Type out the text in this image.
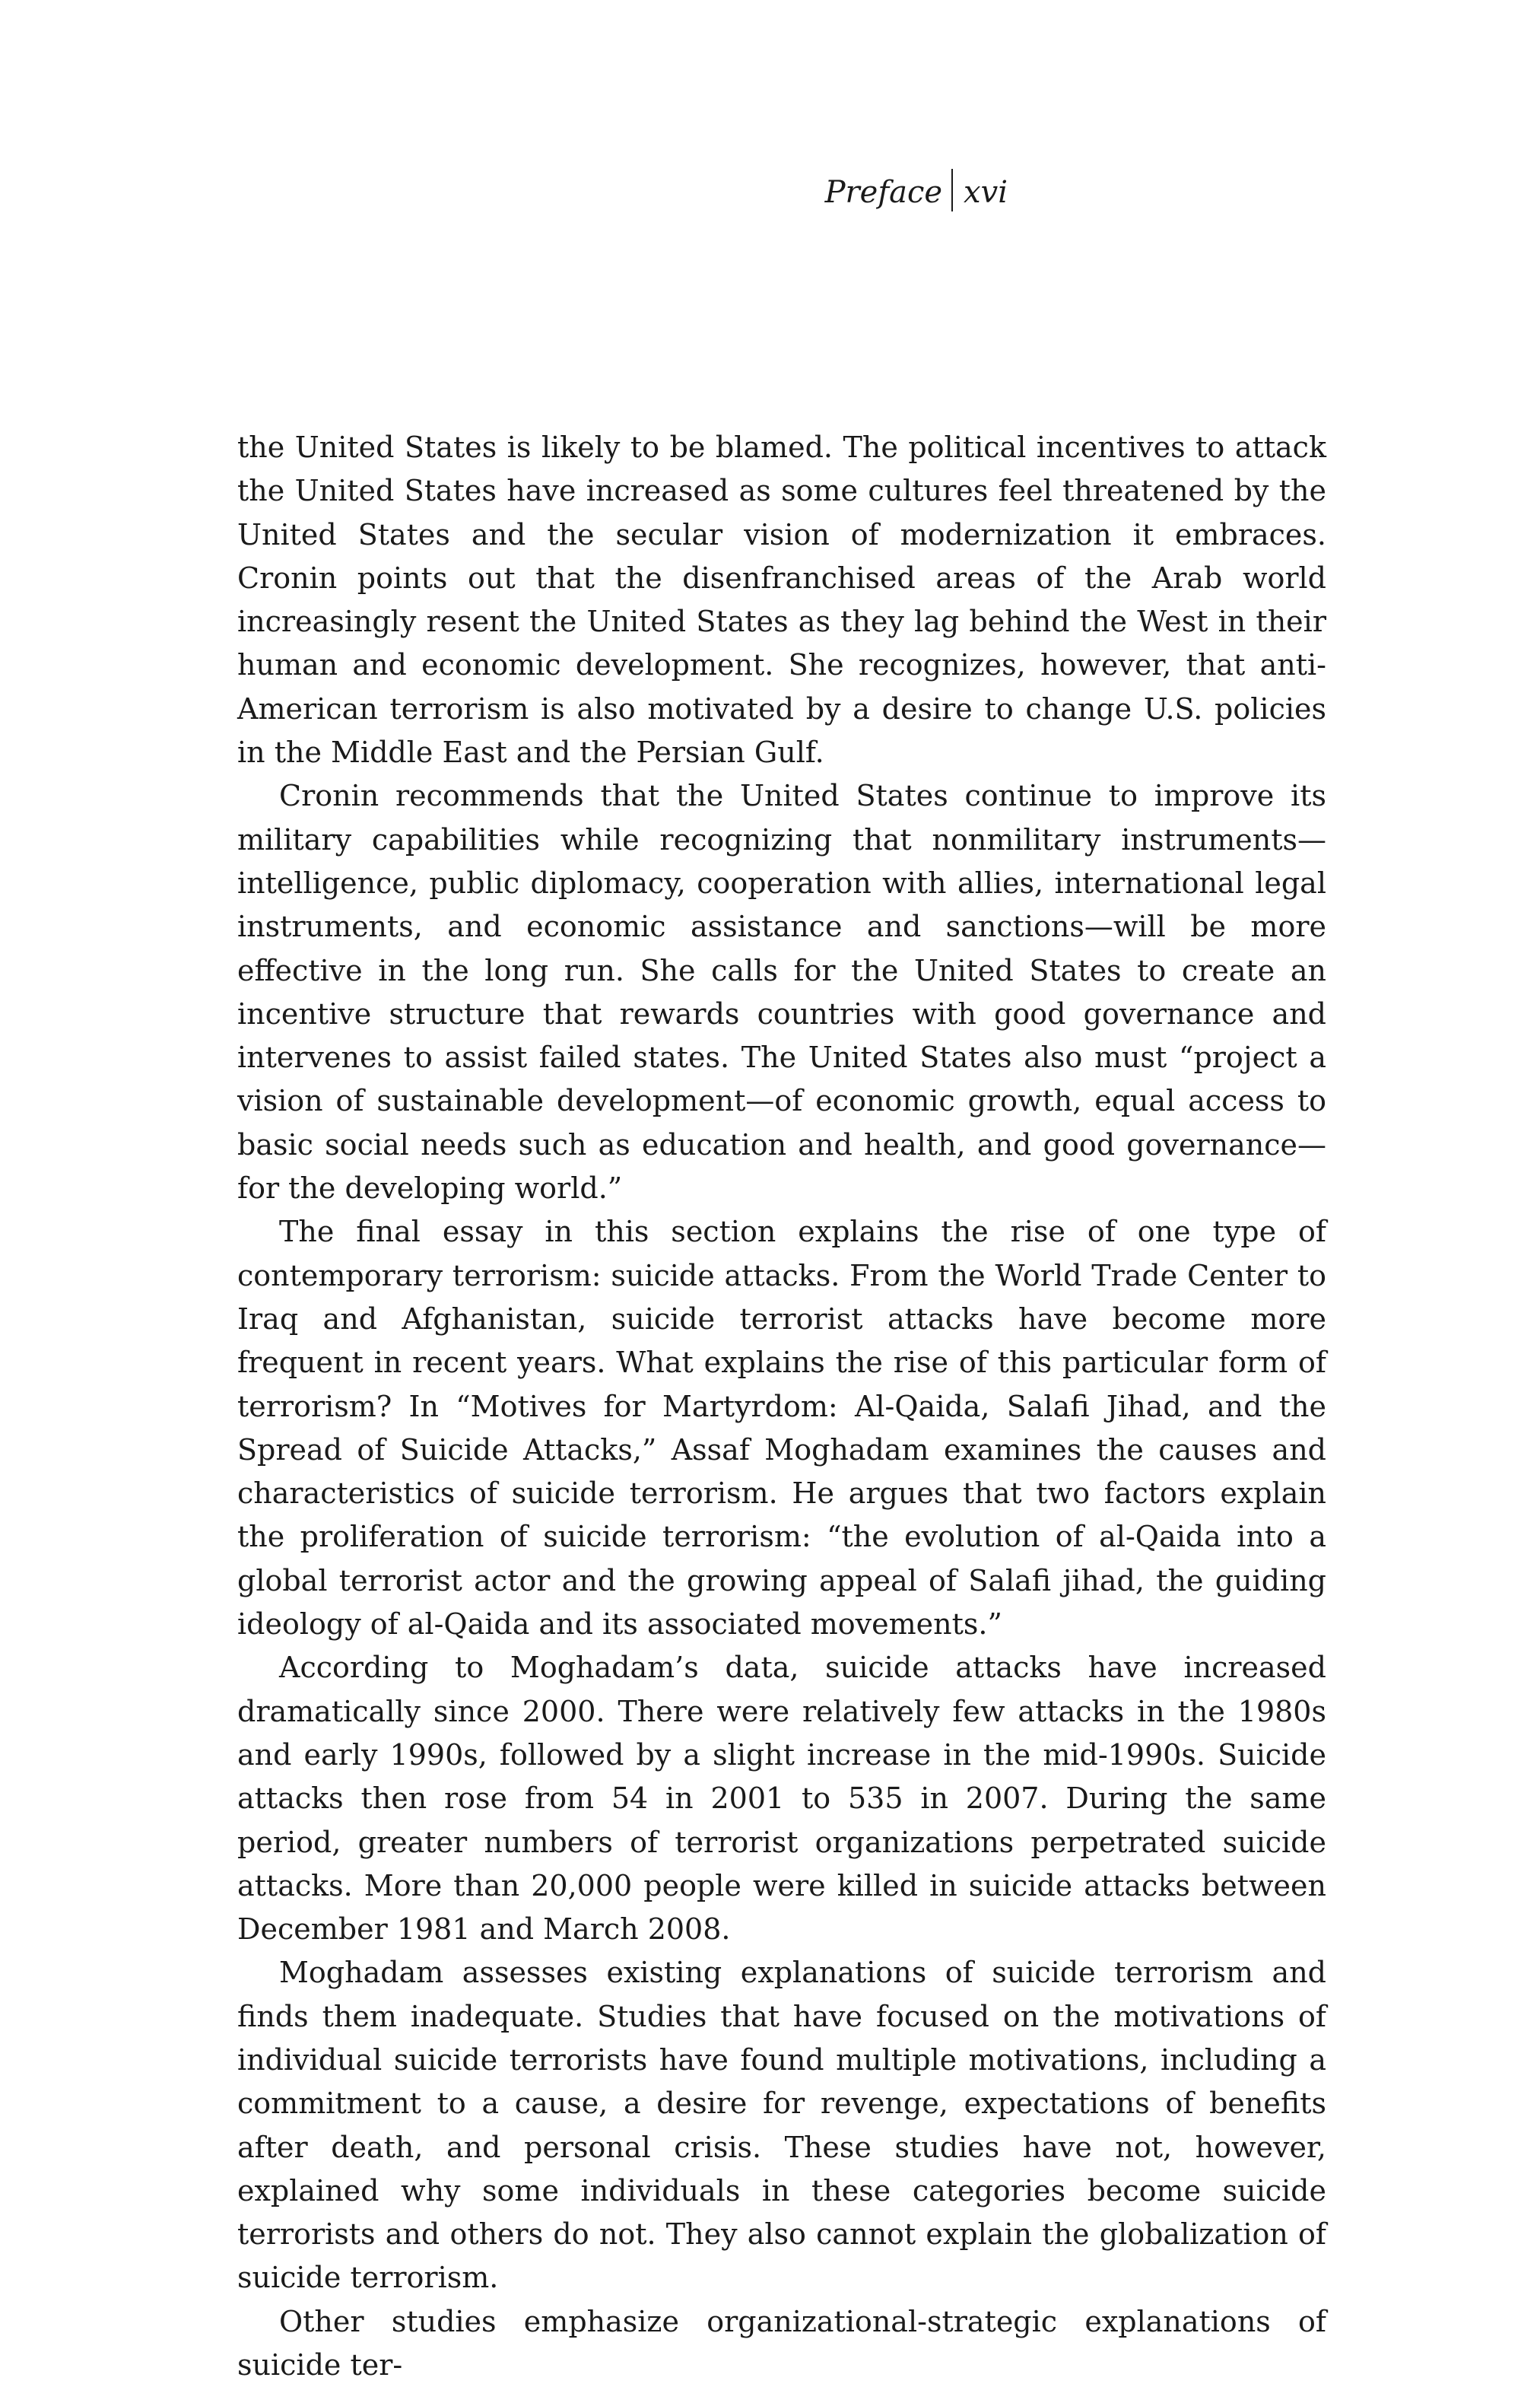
Preface xvi

the United States is likely to be blamed. The political incentives to attack the United States have increased as some cultures feel threatened by the United States and the secular vision of modernization it embraces. Cronin points out that the disenfranchised areas of the Arab world increasingly resent the United States as they lag behind the West in their human and economic development. She recognizes, however, that anti-American terrorism is also motivated by a desire to change U.S. policies in the Middle East and the Persian Gulf.

Cronin recommends that the United States continue to improve its military capabilities while recognizing that nonmilitary instruments—intelligence, public diplomacy, cooperation with allies, international legal instruments, and economic assistance and sanctions—will be more effective in the long run. She calls for the United States to create an incentive structure that rewards countries with good governance and intervenes to assist failed states. The United States also must “project a vision of sustainable development—of economic growth, equal access to basic social needs such as education and health, and good governance—for the developing world.”

The final essay in this section explains the rise of one type of contemporary terrorism: suicide attacks. From the World Trade Center to Iraq and Afghanistan, suicide terrorist attacks have become more frequent in recent years. What explains the rise of this particular form of terrorism? In “Motives for Martyrdom: Al-Qaida, Salafi Jihad, and the Spread of Suicide Attacks,” Assaf Moghadam examines the causes and characteristics of suicide terrorism. He argues that two factors explain the proliferation of suicide terrorism: “the evolution of al-Qaida into a global terrorist actor and the growing appeal of Salafi jihad, the guiding ideology of al-Qaida and its associated movements.”

According to Moghadam’s data, suicide attacks have increased dramatically since 2000. There were relatively few attacks in the 1980s and early 1990s, followed by a slight increase in the mid-1990s. Suicide attacks then rose from 54 in 2001 to 535 in 2007. During the same period, greater numbers of terrorist organizations perpetrated suicide attacks. More than 20,000 people were killed in suicide attacks between December 1981 and March 2008.

Moghadam assesses existing explanations of suicide terrorism and finds them inadequate. Studies that have focused on the motivations of individual suicide terrorists have found multiple motivations, including a commitment to a cause, a desire for revenge, expectations of benefits after death, and personal crisis. These studies have not, however, explained why some individuals in these categories become suicide terrorists and others do not. They also cannot explain the globalization of suicide terrorism.

Other studies emphasize organizational-strategic explanations of suicide ter-
